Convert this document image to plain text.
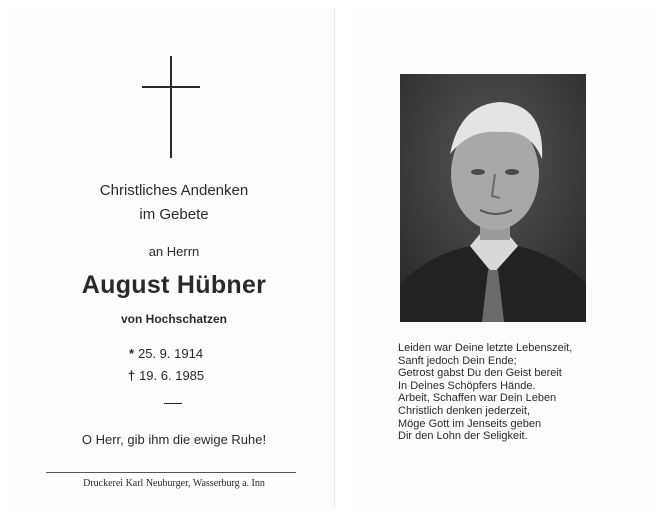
Christliches Andenken
im Gebete
an Herrn
August Hübner
von Hochschatzen
* 25. 9. 1914
† 19. 6. 1985
O Herr, gib ihm die ewige Ruhe!
Druckerei Karl Neuburger, Wasserburg a. Inn
Leiden war Deine letzte Lebenszeit,
Sanft jedoch Dein Ende;
Getrost gabst Du den Geist bereit
In Deines Schöpfers Hände.
Arbeit, Schaffen war Dein Leben
Christlich denken jederzeit,
Möge Gott im Jenseits geben
Dir den Lohn der Seligkeit.
